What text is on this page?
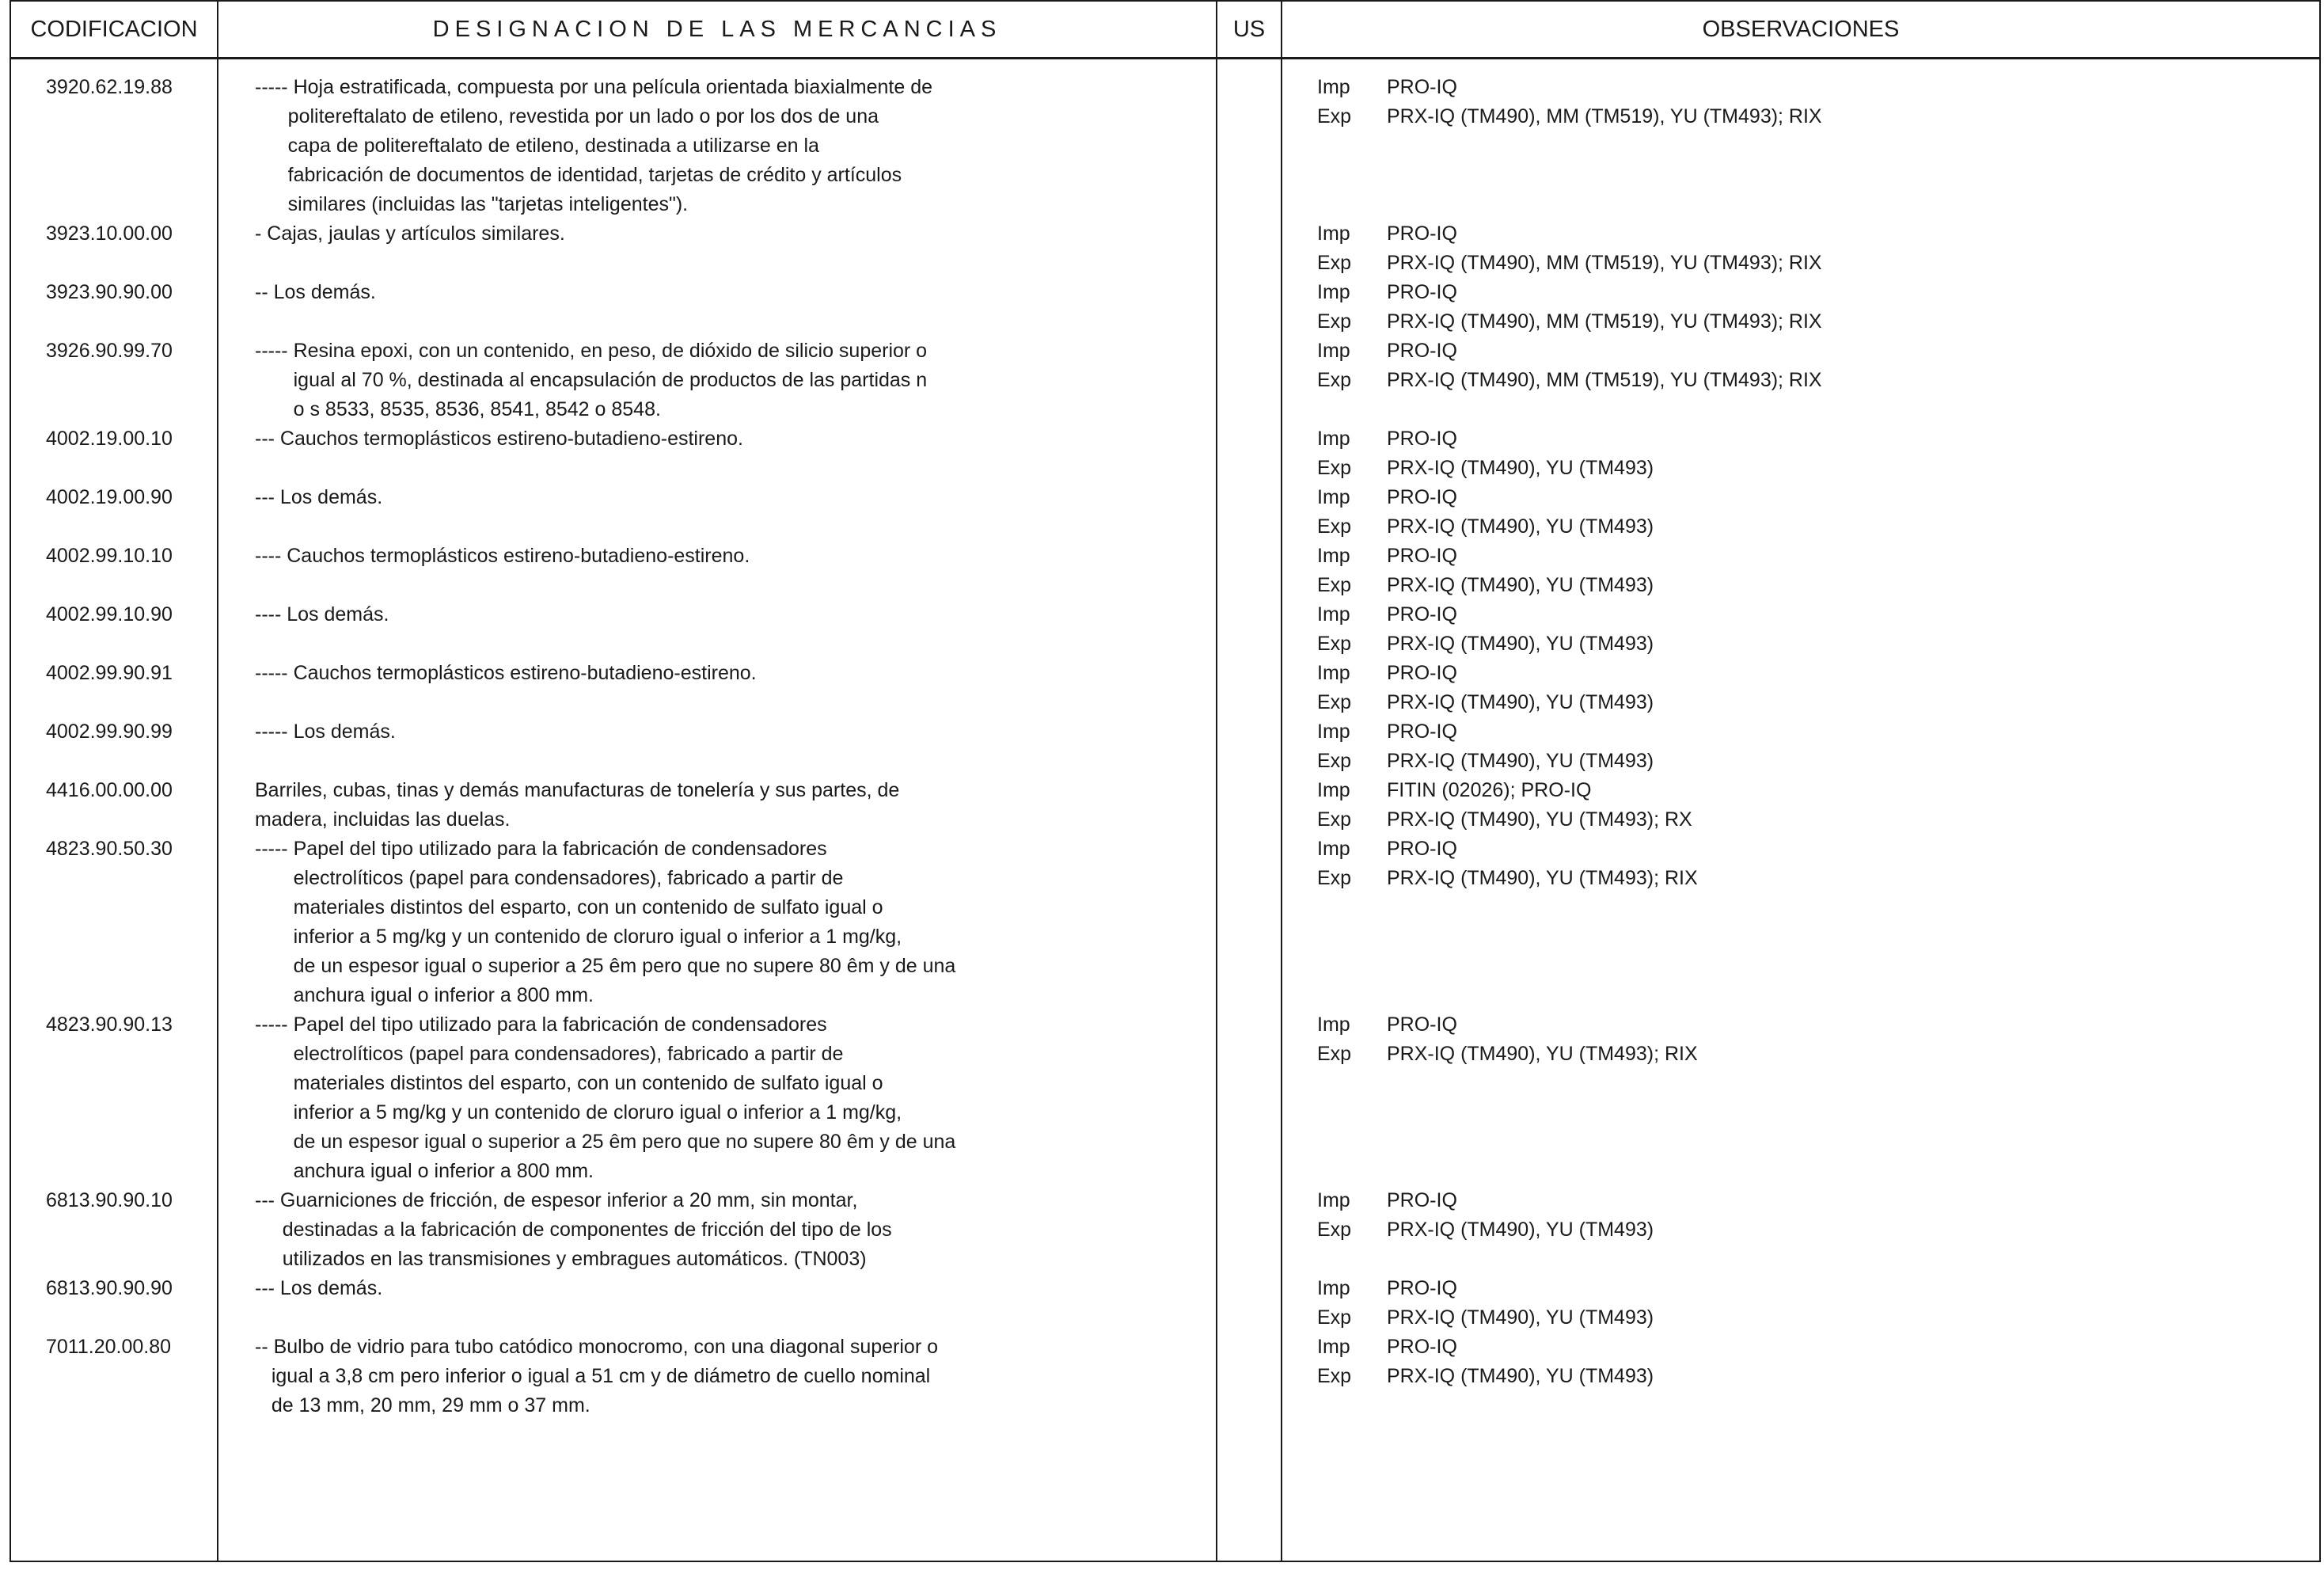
CODIFICACION	DESIGNACION DE LAS MERCANCIAS	US	OBSERVACIONES
3920.62.19.88	----- Hoja estratificada, compuesta por una película orientada biaxialmente de
politereftalato de etileno, revestida por un lado o por los dos de una
capa de politereftalato de etileno, destinada a utilizarse en la
fabricación de documentos de identidad, tarjetas de crédito y artículos
similares (incluidas las "tarjetas inteligentes").
Imp	PRO-IQ
Exp	PRX-IQ (TM490), MM (TM519), YU (TM493); RIX
3923.10.00.00	- Cajas, jaulas y artículos similares.	Imp	PRO-IQ
Exp	PRX-IQ (TM490), MM (TM519), YU (TM493); RIX
3923.90.90.00	-- Los demás.	Imp	PRO-IQ
Exp	PRX-IQ (TM490), MM (TM519), YU (TM493); RIX
3926.90.99.70	----- Resina epoxi, con un contenido, en peso, de dióxido de silicio superior o
igual al 70 %, destinada al encapsulación de productos de las partidas n
o s 8533, 8535, 8536, 8541, 8542 o 8548.
Imp	PRO-IQ
Exp	PRX-IQ (TM490), MM (TM519), YU (TM493); RIX
4002.19.00.10	--- Cauchos termoplásticos estireno-butadieno-estireno.	Imp	PRO-IQ
Exp	PRX-IQ (TM490), YU (TM493)
4002.19.00.90	--- Los demás.	Imp	PRO-IQ
Exp	PRX-IQ (TM490), YU (TM493)
4002.99.10.10	---- Cauchos termoplásticos estireno-butadieno-estireno.	Imp	PRO-IQ
Exp	PRX-IQ (TM490), YU (TM493)
4002.99.10.90	---- Los demás.	Imp	PRO-IQ
Exp	PRX-IQ (TM490), YU (TM493)
4002.99.90.91	----- Cauchos termoplásticos estireno-butadieno-estireno.	Imp	PRO-IQ
Exp	PRX-IQ (TM490), YU (TM493)
4002.99.90.99	----- Los demás.	Imp	PRO-IQ
Exp	PRX-IQ (TM490), YU (TM493)
4416.00.00.00	Barriles, cubas, tinas y demás manufacturas de tonelería y sus partes, de
madera, incluidas las duelas.
Imp	FITIN (02026); PRO-IQ
Exp	PRX-IQ (TM490), YU (TM493); RX
4823.90.50.30	----- Papel del tipo utilizado para la fabricación de condensadores
electrolíticos (papel para condensadores), fabricado a partir de
materiales distintos del esparto, con un contenido de sulfato igual o
inferior a 5 mg/kg y un contenido de cloruro igual o inferior a 1 mg/kg,
de un espesor igual o superior a 25 êm pero que no supere 80 êm y de una
anchura igual o inferior a 800 mm.
Imp	PRO-IQ
Exp	PRX-IQ (TM490), YU (TM493); RIX
4823.90.90.13	----- Papel del tipo utilizado para la fabricación de condensadores
electrolíticos (papel para condensadores), fabricado a partir de
materiales distintos del esparto, con un contenido de sulfato igual o
inferior a 5 mg/kg y un contenido de cloruro igual o inferior a 1 mg/kg,
de un espesor igual o superior a 25 êm pero que no supere 80 êm y de una
anchura igual o inferior a 800 mm.
Imp	PRO-IQ
Exp	PRX-IQ (TM490), YU (TM493); RIX
6813.90.90.10	--- Guarniciones de fricción, de espesor inferior a 20 mm, sin montar,
destinadas a la fabricación de componentes de fricción del tipo de los
utilizados en las transmisiones y embragues automáticos. (TN003)
Imp	PRO-IQ
Exp	PRX-IQ (TM490), YU (TM493)
6813.90.90.90	--- Los demás.	Imp	PRO-IQ
Exp	PRX-IQ (TM490), YU (TM493)
7011.20.00.80	-- Bulbo de vidrio para tubo catódico monocromo, con una diagonal superior o
igual a 3,8 cm pero inferior o igual a 51 cm y de diámetro de cuello nominal
de 13 mm, 20 mm, 29 mm o 37 mm.
Imp	PRO-IQ
Exp	PRX-IQ (TM490), YU (TM493)
